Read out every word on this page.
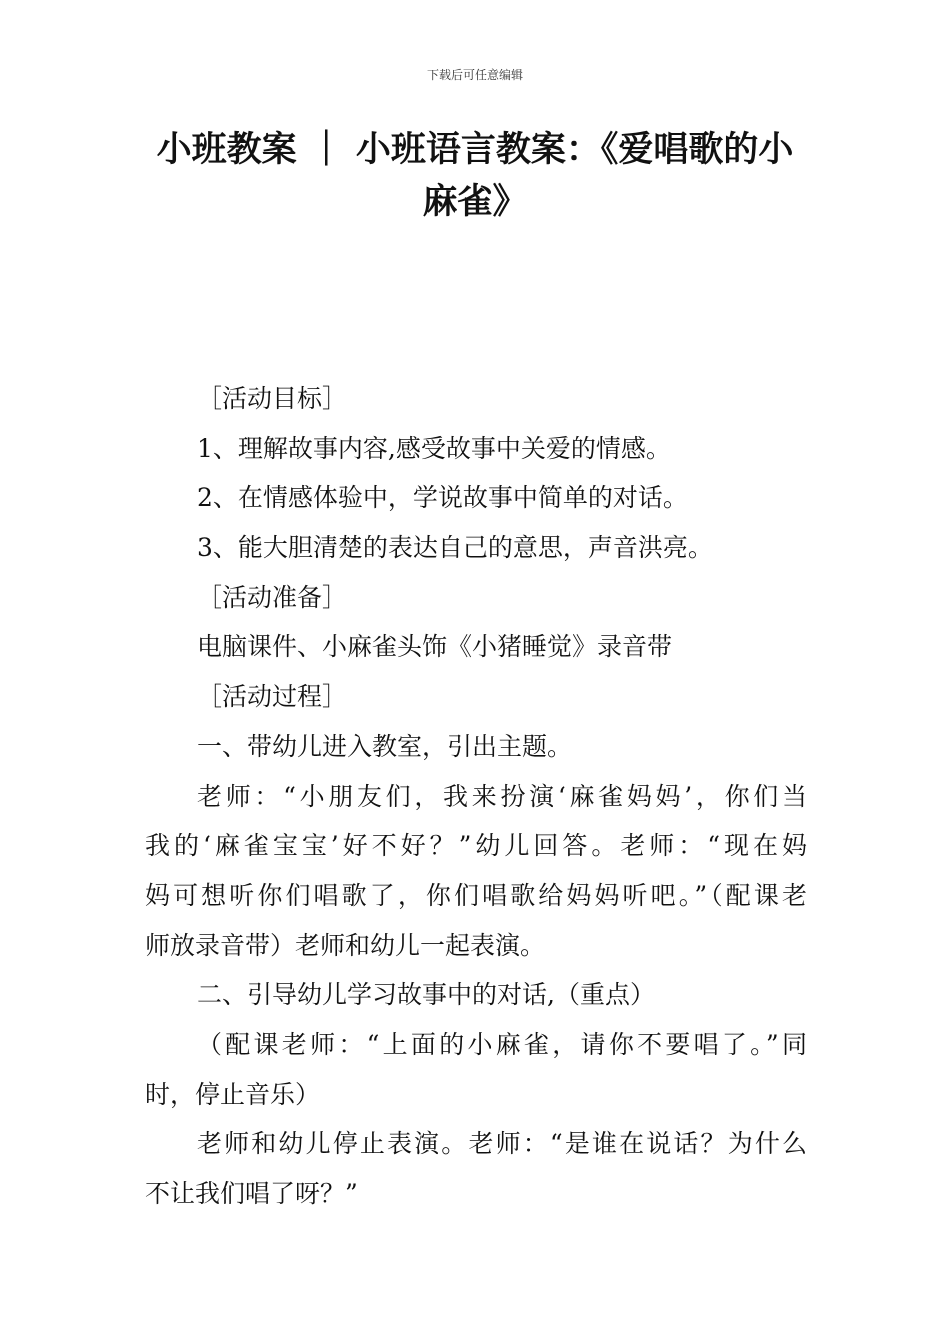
下载后可任意编辑
小班教案 ｜ 小班语言教案：《爱唱歌的小
麻雀》
［活动目标］
1、理解故事内容,感受故事中关爱的情感。
2、在情感体验中，学说故事中简单的对话。
3、能大胆清楚的表达自己的意思，声音洪亮。
［活动准备］
电脑课件、小麻雀头饰《小猪睡觉》录音带
［活动过程］
一、带幼儿进入教室，引出主题。
老师：“小朋友们，我来扮演‘麻雀妈妈’，你们当
我的‘麻雀宝宝’好不好？”幼儿回答。老师：“现在妈
妈可想听你们唱歌了，你们唱歌给妈妈听吧。”（配课老
师放录音带）老师和幼儿一起表演。
二、引导幼儿学习故事中的对话,（重点）
（配课老师：“上面的小麻雀，请你不要唱了。”同
时，停止音乐）
老师和幼儿停止表演。老师：“是谁在说话？为什么
不让我们唱了呀？”
